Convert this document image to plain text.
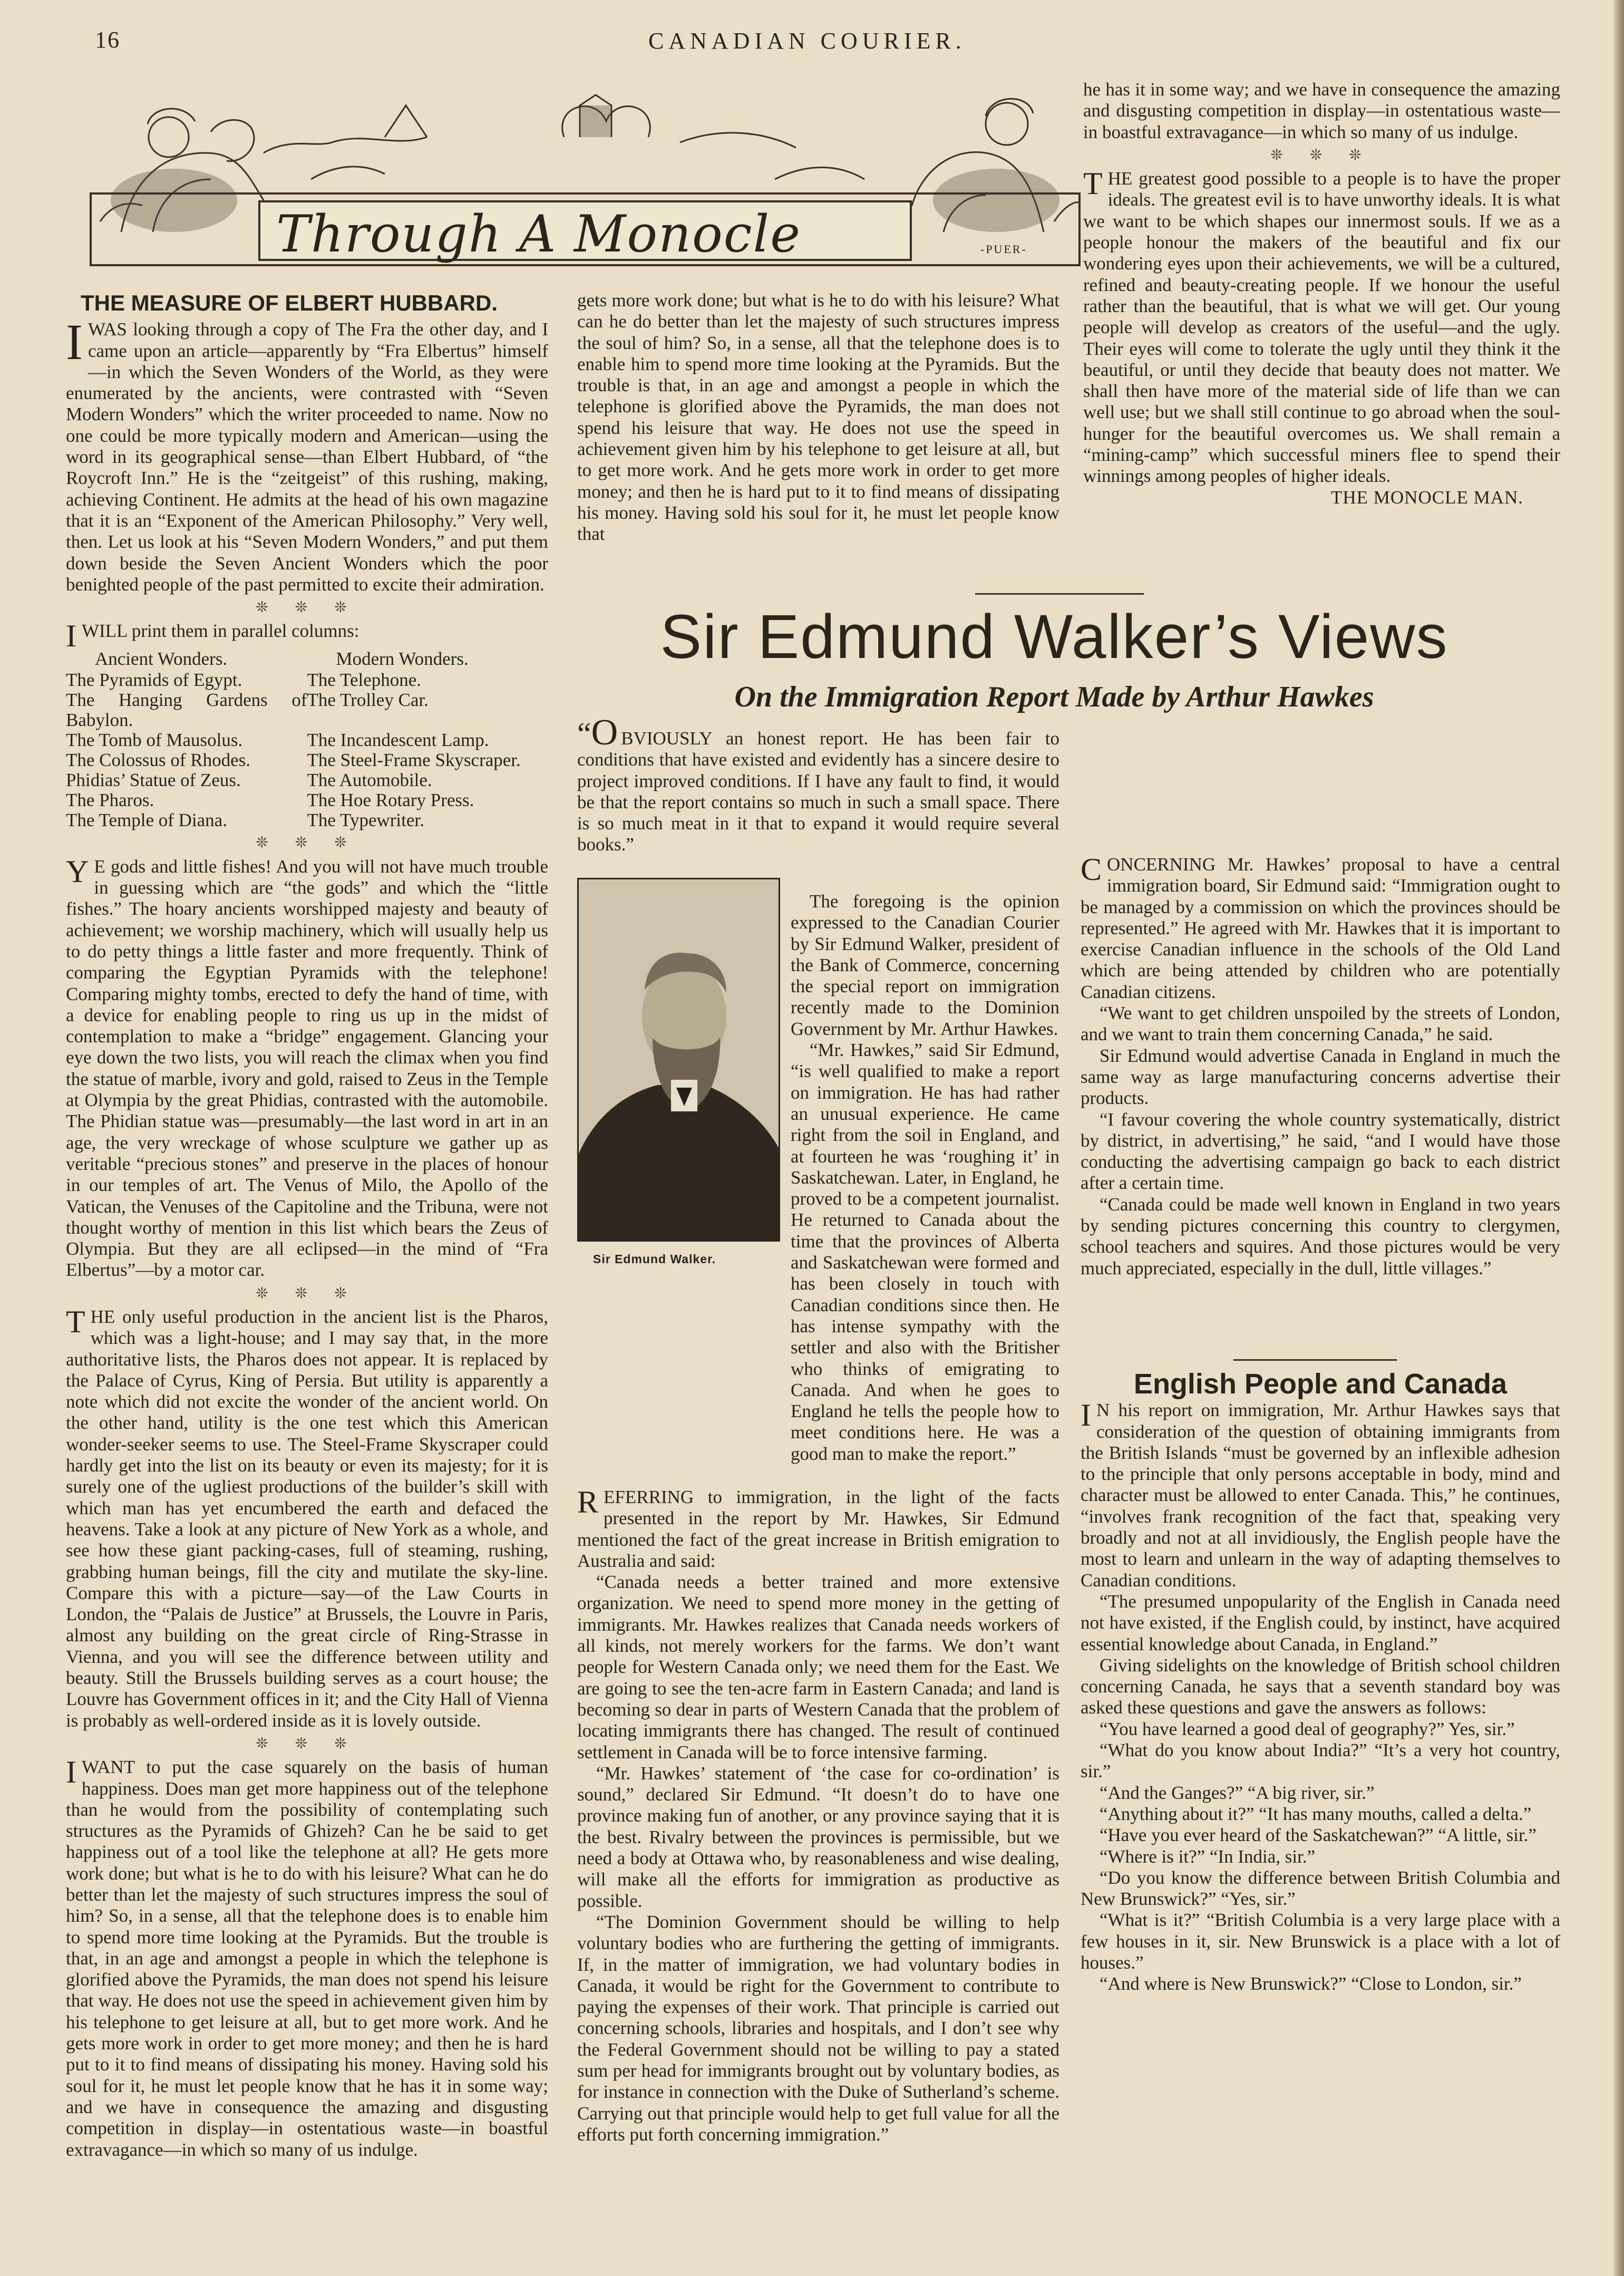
16	CANADIAN COURIER.
Through A Monocle	-PUER-
THE MEASURE OF ELBERT HUBBARD.

IWAS looking through a copy of The Fra the other day, and I came upon an article—apparently by “Fra Elbertus” himself—in which the Seven Wonders of the World, as they were enumerated by the ancients, were contrasted with “Seven Modern Wonders” which the writer proceeded to name. Now no one could be more typically modern and American—using the word in its geographical sense—than Elbert Hubbard, of “the Roycroft Inn.” He is the “zeitgeist” of this rushing, making, achieving Continent. He admits at the head of his own magazine that it is an “Exponent of the American Philosophy.” Very well, then. Let us look at his “Seven Modern Wonders,” and put them down beside the Seven Ancient Wonders which the poor benighted people of the past permitted to excite their admiration.

❊ ❊ ❊

IWILL print them in parallel columns:

Ancient Wonders.	Modern Wonders.
The Pyramids of Egypt.	The Telephone.
The Hanging Gardens of Babylon.	The Trolley Car.
The Tomb of Mausolus.	The Incandescent Lamp.
The Colossus of Rhodes.	The Steel-Frame Skyscraper.
Phidias’ Statue of Zeus.	The Automobile.
The Pharos.	The Hoe Rotary Press.
The Temple of Diana.	The Typewriter.
❊ ❊ ❊

Y E gods and little fishes! And you will not have much trouble in guessing which are “the gods” and which the “little fishes.” The hoary ancients worshipped majesty and beauty of achievement; we worship machinery, which will usually help us to do petty things a little faster and more frequently. Think of comparing the Egyptian Pyramids with the telephone! Comparing mighty tombs, erected to defy the hand of time, with a device for enabling people to ring us up in the midst of contemplation to make a “bridge” engagement. Glancing your eye down the two lists, you will reach the climax when you find the statue of marble, ivory and gold, raised to Zeus in the Temple at Olympia by the great Phidias, contrasted with the automobile. The Phidian statue was—presumably—the last word in art in an age, the very wreckage of whose sculpture we gather up as veritable “precious stones” and preserve in the places of honour in our temples of art. The Venus of Milo, the Apollo of the Vatican, the Venuses of the Capitoline and the Tribuna, were not thought worthy of mention in this list which bears the Zeus of Olympia. But they are all eclipsed—in the mind of “Fra Elbertus”—by a motor car.

❊ ❊ ❊

THE only useful production in the ancient list is the Pharos, which was a light-house; and I may say that, in the more authoritative lists, the Pharos does not appear. It is replaced by the Palace of Cyrus, King of Persia. But utility is apparently a note which did not excite the wonder of the ancient world. On the other hand, utility is the one test which this American wonder-seeker seems to use. The Steel-Frame Skyscraper could hardly get into the list on its beauty or even its majesty; for it is surely one of the ugliest productions of the builder’s skill with which man has yet encumbered the earth and defaced the heavens. Take a look at any picture of New York as a whole, and see how these giant packing-cases, full of steaming, rushing, grabbing human beings, fill the city and mutilate the sky-line. Compare this with a picture—say—of the Law Courts in London, the “Palais de Justice” at Brussels, the Louvre in Paris, almost any building on the great circle of Ring-Strasse in Vienna, and you will see the difference between utility and beauty. Still the Brussels building serves as a court house; the Louvre has Government offices in it; and the City Hall of Vienna is probably as well-ordered inside as it is lovely outside.

❊ ❊ ❊

IWANT to put the case squarely on the basis of human happiness. Does man get more happiness out of the telephone than he would from the possibility of contemplating such structures as the Pyramids of Ghizeh? Can he be said to get happiness out of a tool like the telephone at all? He gets more work done; but what is he to do with his leisure? What can he do better than let the majesty of such structures impress the soul of him? So, in a sense, all that the telephone does is to enable him to spend more time looking at the Pyramids. But the trouble is that, in an age and amongst a people in which the telephone is glorified above the Pyramids, the man does not spend his leisure that way. He does not use the speed in achievement given him by his telephone to get leisure at all, but to get more work. And he gets more work in order to get more money; and then he is hard put to it to find means of dissipating his money. Having sold his soul for it, he must let people know that he has it in some way; and we have in consequence the amazing and disgusting competition in display—in ostentatious waste—in boastful extravagance—in which so many of us indulge.

gets more work done; but what is he to do with his leisure? What can he do better than let the majesty of such structures impress the soul of him? So, in a sense, all that the telephone does is to enable him to spend more time looking at the Pyramids. But the trouble is that, in an age and amongst a people in which the telephone is glorified above the Pyramids, the man does not spend his leisure that way. He does not use the speed in achievement given him by his telephone to get leisure at all, but to get more work. And he gets more work in order to get more money; and then he is hard put to it to find means of dissipating his money. Having sold his soul for it, he must let people know that

he has it in some way; and we have in consequence the amazing and disgusting competition in display—in ostentatious waste—in boastful extravagance—in which so many of us indulge.

❊ ❊ ❊

THE greatest good possible to a people is to have the proper ideals. The greatest evil is to have unworthy ideals. It is what we want to be which shapes our innermost souls. If we as a people honour the makers of the beautiful and fix our wondering eyes upon their achievements, we will be a cultured, refined and beauty-creating people. If we honour the useful rather than the beautiful, that is what we will get. Our young people will develop as creators of the useful—and the ugly. Their eyes will come to tolerate the ugly until they think it the beautiful, or until they decide that beauty does not matter. We shall then have more of the material side of life than we can well use; but we shall still continue to go abroad when the soul-hunger for the beautiful overcomes us. We shall remain a “mining-camp” which successful miners flee to spend their winnings among peoples of higher ideals.

THE MONOCLE MAN.

Sir Edmund Walker’s Views
On the Immigration Report Made by Arthur Hawkes
Sir Edmund Walker.

“O BVIOUSLY an honest report. He has been fair to conditions that have existed and evidently has a sincere desire to project improved conditions. If I have any fault to find, it would be that the report contains so much in such a small space. There is so much meat in it that to expand it would require several books.”

The foregoing is the opinion expressed to the Canadian Courier by Sir Edmund Walker, president of the Bank of Commerce, concerning the special report on immigration recently made to the Dominion Government by Mr. Arthur Hawkes.

“Mr. Hawkes,” said Sir Edmund, “is well qualified to make a report on immigration. He has had rather an unusual experience. He came right from the soil in England, and at fourteen he was ‘roughing it’ in Saskatchewan. Later, in England, he proved to be a competent journalist. He returned to Canada about the time that the provinces of Alberta and Saskatchewan were formed and has been closely in touch with Canadian conditions since then. He has intense sympathy with the settler and also with the Britisher who thinks of emigrating to Canada. And when he goes to England he tells the people how to meet conditions here. He was a good man to make the report.”

REFERRING to immigration, in the light of the facts presented in the report by Mr. Hawkes, Sir Edmund mentioned the fact of the great increase in British emigration to Australia and said:

“Canada needs a better trained and more extensive organization. We need to spend more money in the getting of immigrants. Mr. Hawkes realizes that Canada needs workers of all kinds, not merely workers for the farms. We don’t want people for Western Canada only; we need them for the East. We are going to see the ten-acre farm in Eastern Canada; and land is becoming so dear in parts of Western Canada that the problem of locating immigrants there has changed. The result of continued settlement in Canada will be to force intensive farming.

“Mr. Hawkes’ statement of ‘the case for co-ordination’ is sound,” declared Sir Edmund. “It doesn’t do to have one province making fun of another, or any province saying that it is the best. Rivalry between the provinces is permissible, but we need a body at Ottawa who, by reasonableness and wise dealing, will make all the efforts for immigration as productive as possible.

“The Dominion Government should be willing to help voluntary bodies who are furthering the getting of immigrants. If, in the matter of immigration, we had voluntary bodies in Canada, it would be right for the Government to contribute to paying the expenses of their work. That principle is carried out concerning schools, libraries and hospitals, and I don’t see why the Federal Government should not be willing to pay a stated sum per head for immigrants brought out by voluntary bodies, as for instance in connection with the Duke of Sutherland’s scheme. Carrying out that principle would help to get full value for all the efforts put forth concerning immigration.”

CONCERNING Mr. Hawkes’ proposal to have a central immigration board, Sir Edmund said: “Immigration ought to be managed by a commission on which the provinces should be represented.” He agreed with Mr. Hawkes that it is important to exercise Canadian influence in the schools of the Old Land which are being attended by children who are potentially Canadian citizens.

“We want to get children unspoiled by the streets of London, and we want to train them concerning Canada,” he said.

Sir Edmund would advertise Canada in England in much the same way as large manufacturing concerns advertise their products.

“I favour covering the whole country systematically, district by district, in advertising,” he said, “and I would have those conducting the advertising campaign go back to each district after a certain time.

“Canada could be made well known in England in two years by sending pictures concerning this country to clergymen, school teachers and squires. And those pictures would be very much appreciated, especially in the dull, little villages.”

English People and Canada

I N his report on immigration, Mr. Arthur Hawkes says that consideration of the question of obtaining immigrants from the British Islands “must be governed by an inflexible adhesion to the principle that only persons acceptable in body, mind and character must be allowed to enter Canada. This,” he continues, “involves frank recognition of the fact that, speaking very broadly and not at all invidiously, the English people have the most to learn and unlearn in the way of adapting themselves to Canadian conditions.

“The presumed unpopularity of the English in Canada need not have existed, if the English could, by instinct, have acquired essential knowledge about Canada, in England.”

Giving sidelights on the knowledge of British school children concerning Canada, he says that a seventh standard boy was asked these questions and gave the answers as follows:

“You have learned a good deal of geography?” Yes, sir.”

“What do you know about India?” “It’s a very hot country, sir.”

“And the Ganges?” “A big river, sir.”

“Anything about it?” “It has many mouths, called a delta.”

“Have you ever heard of the Saskatchewan?” “A little, sir.”

“Where is it?” “In India, sir.”

“Do you know the difference between British Columbia and New Brunswick?” “Yes, sir.”

“What is it?” “British Columbia is a very large place with a few houses in it, sir. New Brunswick is a place with a lot of houses.”

“And where is New Brunswick?” “Close to London, sir.”
